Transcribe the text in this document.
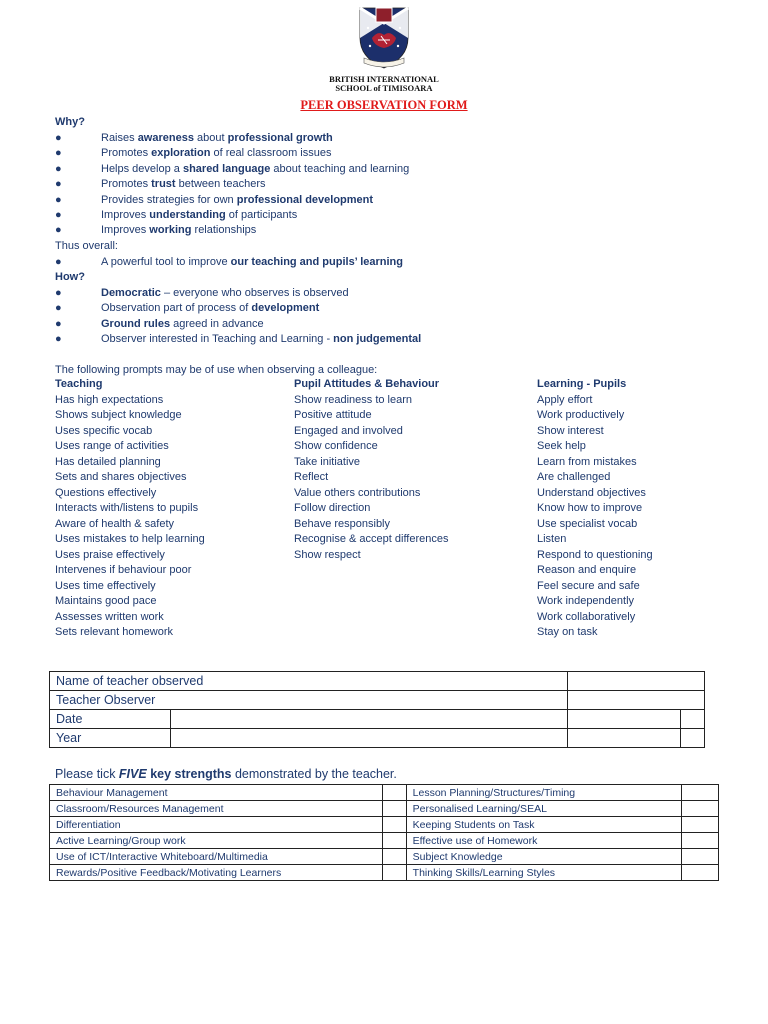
BRITISH INTERNATIONAL
SCHOOL of TIMISOARA
PEER OBSERVATION FORM
Why?
●	Raises awareness about professional growth
●	Promotes exploration of real classroom issues
●	Helps develop a shared language about teaching and learning
●	Promotes trust between teachers
●	Provides strategies for own professional development
●	Improves understanding of participants
●	Improves working relationships
Thus overall:
●	A powerful tool to improve our teaching and pupils’ learning
How?
●	Democratic – everyone who observes is observed
●	Observation part of process of development
●	Ground rules agreed in advance
●	Observer interested in Teaching and Learning - non judgemental
The following prompts may be of use when observing a colleague:
Teaching
Has high expectations
Shows subject knowledge
Uses specific vocab
Uses range of activities
Has detailed planning
Sets and shares objectives
Questions effectively
Interacts with/listens to pupils
Aware of health & safety
Uses mistakes to help learning
Uses praise effectively
Intervenes if behaviour poor
Uses time effectively
Maintains good pace
Assesses written work
Sets relevant homework
Pupil Attitudes & Behaviour
Show readiness to learn
Positive attitude
Engaged and involved
Show confidence
Take initiative
Reflect
Value others contributions
Follow direction
Behave responsibly
Recognise & accept differences
Show respect
Learning - Pupils
Apply effort
Work productively
Show interest
Seek help
Learn from mistakes
Are challenged
Understand objectives
Know how to improve
Use specialist vocab
Listen
Respond to questioning
Reason and enquire
Feel secure and safe
Work independently
Work collaboratively
Stay on task
Name of teacher observed			
Teacher Observer			
Date			
Year			
Please tick FIVE key strengths demonstrated by the teacher.
Behaviour Management		Lesson Planning/Structures/Timing	
Classroom/Resources Management		Personalised Learning/SEAL	
Differentiation		Keeping Students on Task	
Active Learning/Group work		Effective use of Homework	
Use of ICT/Interactive Whiteboard/Multimedia		Subject Knowledge	
Rewards/Positive Feedback/Motivating Learners		Thinking Skills/Learning Styles	
